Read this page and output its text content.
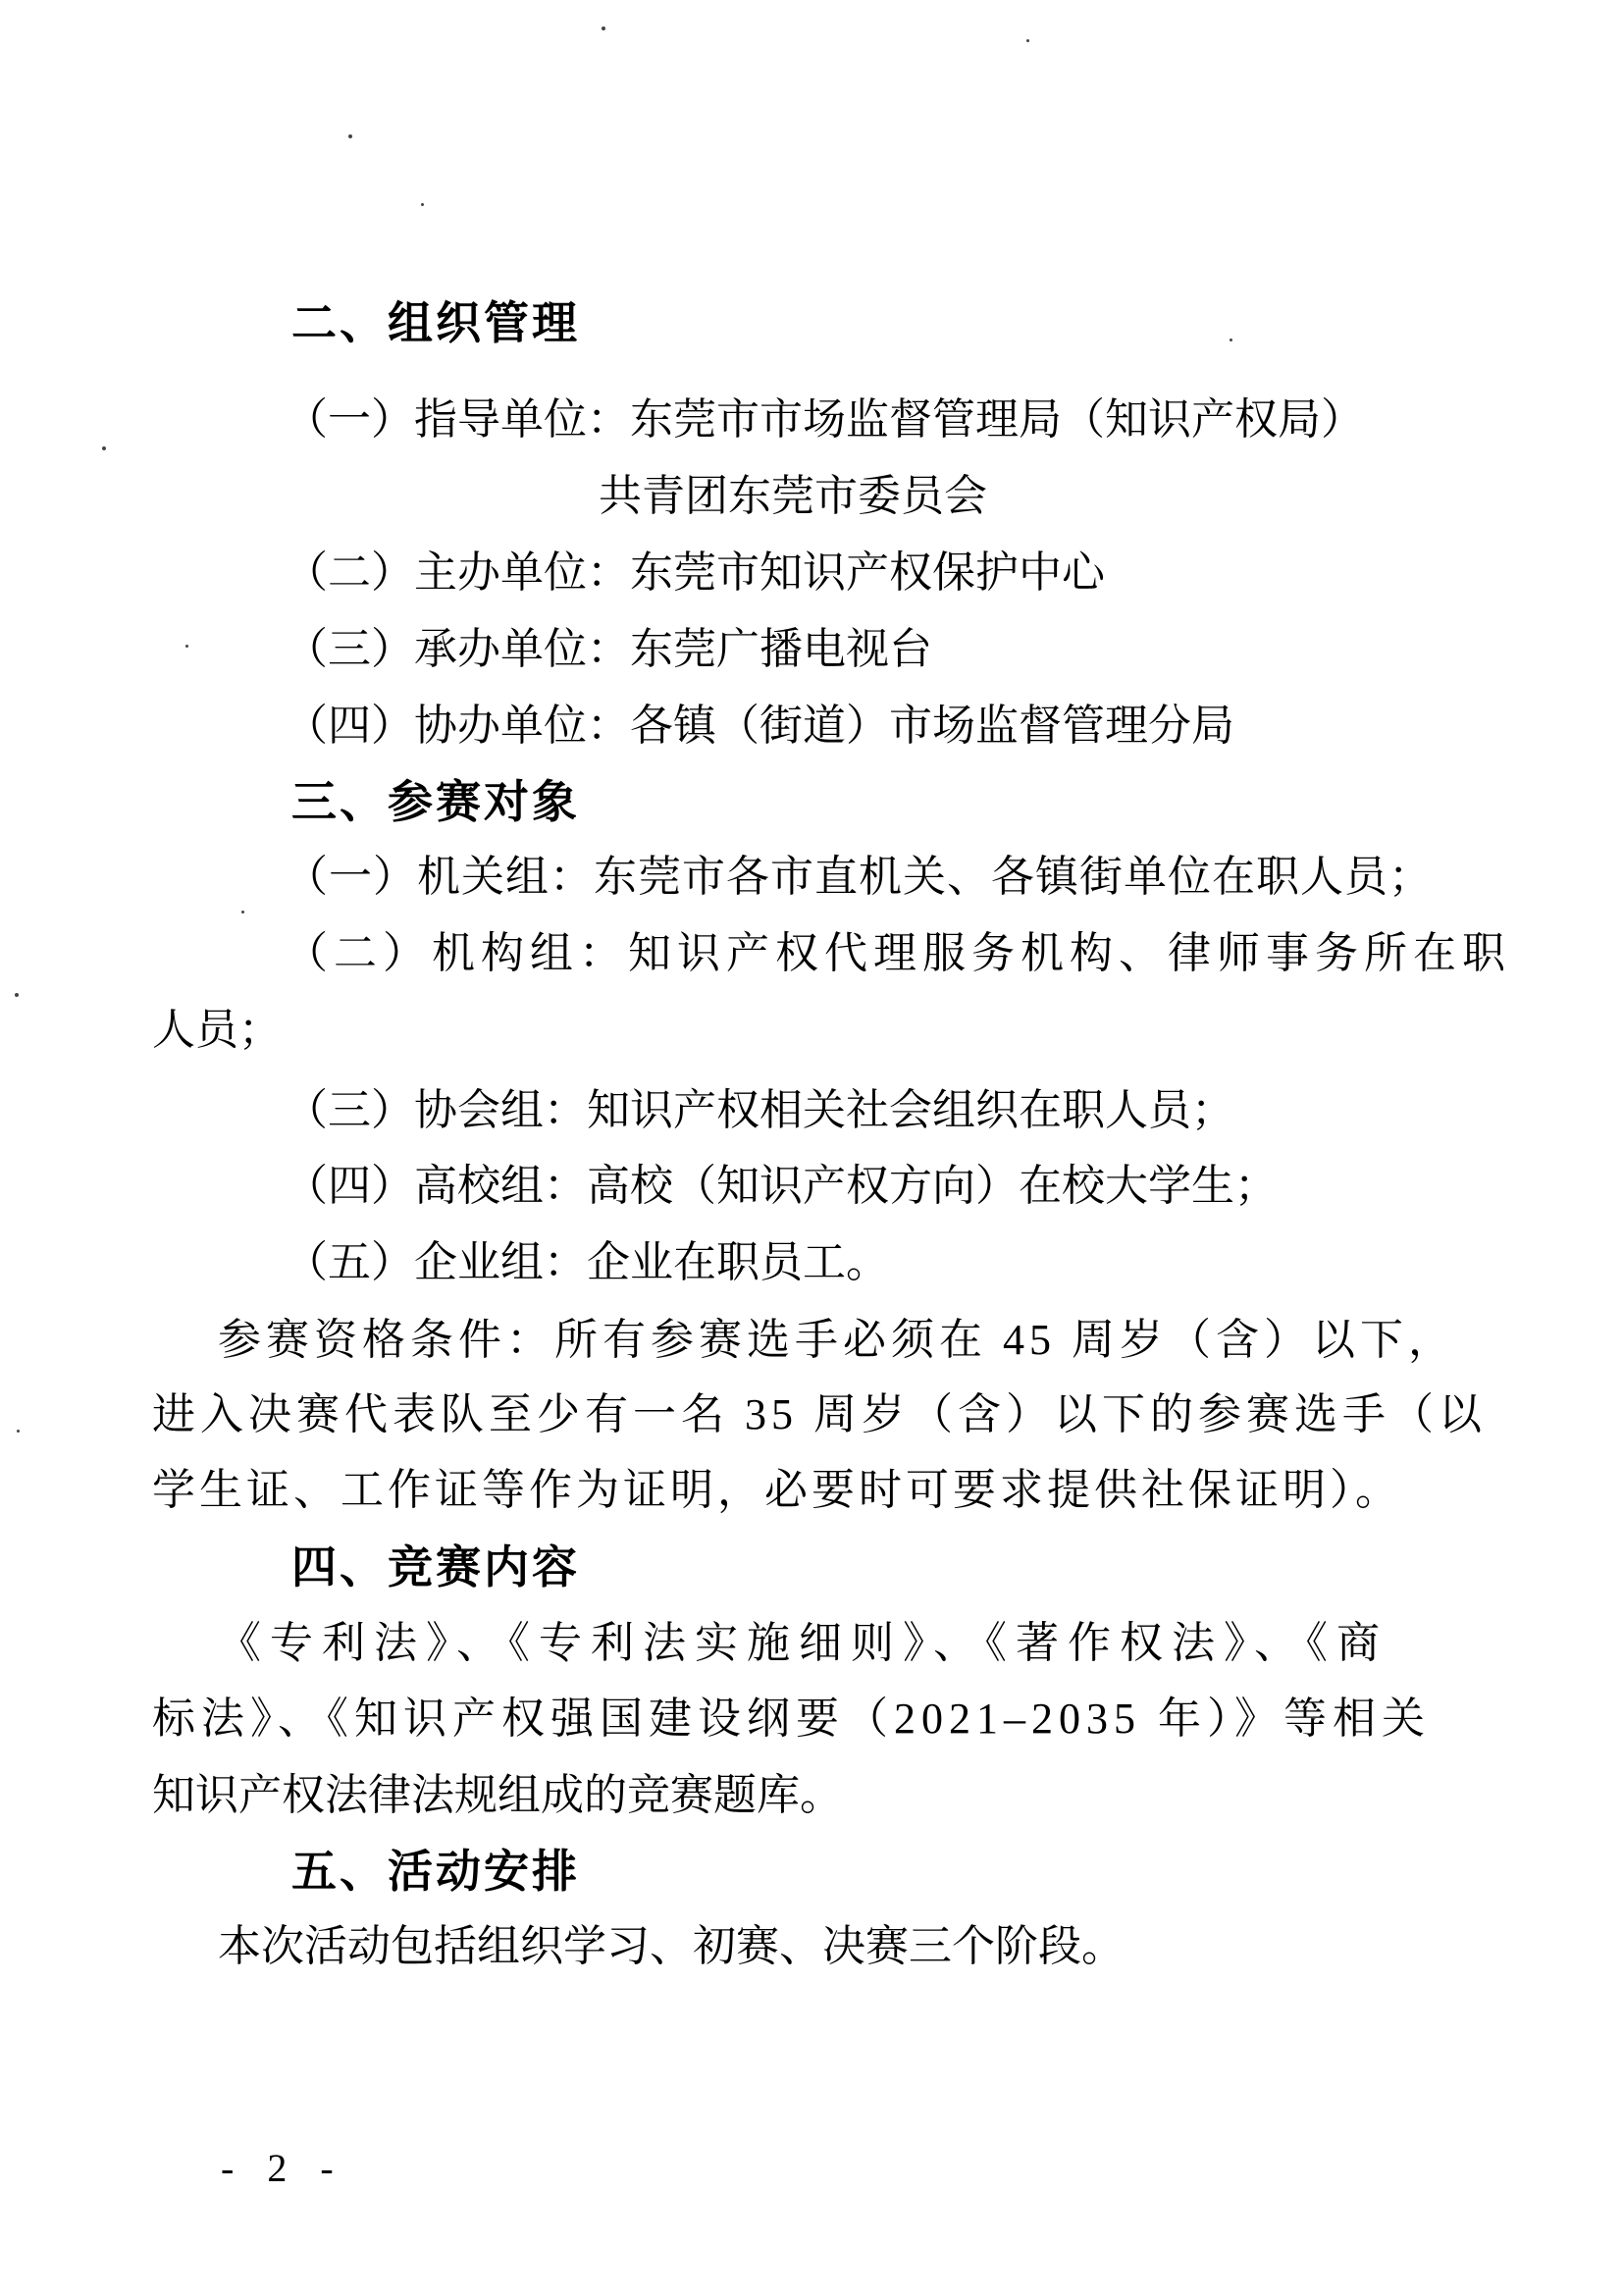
二、组织管理
（一）指导单位：东莞市市场监督管理局（知识产权局）
共青团东莞市委员会
（二）主办单位：东莞市知识产权保护中心
（三）承办单位：东莞广播电视台
（四）协办单位：各镇（街道）市场监督管理分局
三、参赛对象
（一）机关组：东莞市各市直机关、各镇街单位在职人员；
（二）机构组：知识产权代理服务机构、律师事务所在职
人员；
（三）协会组：知识产权相关社会组织在职人员；
（四）高校组：高校（知识产权方向）在校大学生；
（五）企业组：企业在职员工。
参赛资格条件：所有参赛选手必须在 45 周岁（含）以下，
进入决赛代表队至少有一名 35 周岁（含）以下的参赛选手（以
学生证、工作证等作为证明，必要时可要求提供社保证明）。
四、竞赛内容
《专利法》、《专利法实施细则》、《著作权法》、《商
标法》、《知识产权强国建设纲要（2021–2035 年）》等相关
知识产权法律法规组成的竞赛题库。
五、活动安排
本次活动包括组织学习、初赛、决赛三个阶段。
- 2 -
